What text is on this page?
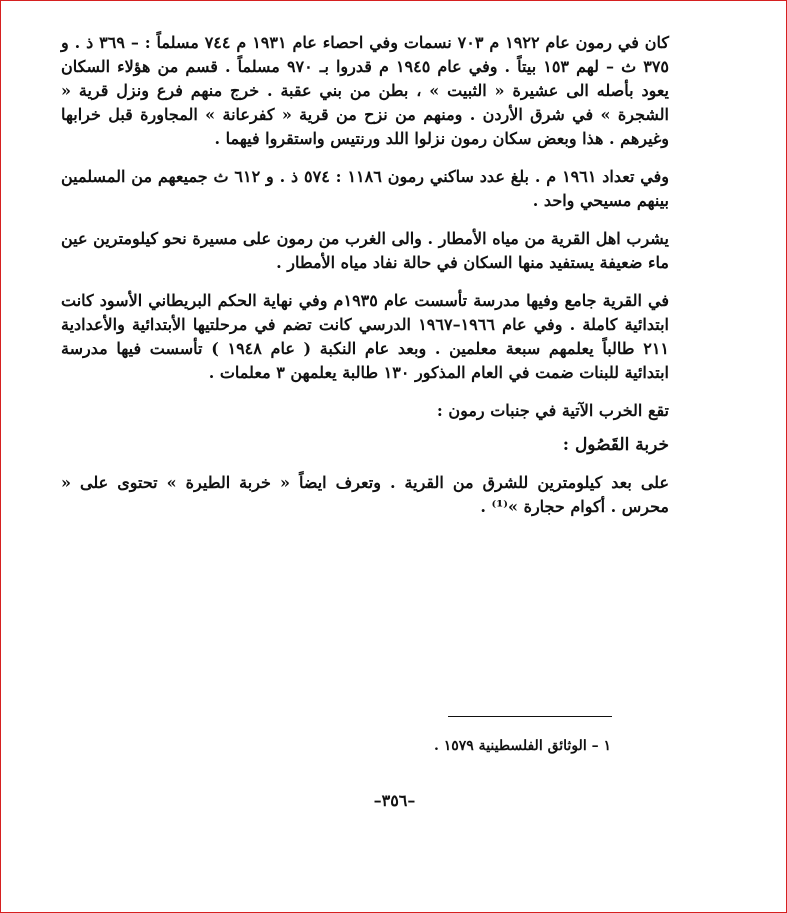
كان في رمون عام ١٩٢٢ م ٧٠٣ نسمات وفي احصاء عام ١٩٣١ م ٧٤٤ مسلماً : – ٣٦٩ ذ . و ٣٧٥ ث – لهم ١٥٣ بيتاً . وفي عام ١٩٤٥ م قدروا بـ ٩٧٠ مسلماً . قسم من هؤلاء السكان يعود بأصله الى عشيرة « الثبيت » ، بطن من بني عقبة . خرج منهم فرع ونزل قرية « الشجرة » في شرق الأردن . ومنهم من نزح من قرية « كفرعانة » المجاورة قبل خرابها وغيرهم . هذا وبعض سكان رمون نزلوا اللد ورنتيس واستقروا فيهما .

وفي تعداد ١٩٦١ م . بلغ عدد ساكني رمون ١١٨٦ : ٥٧٤ ذ . و ٦١٢ ث جميعهم من المسلمين بينهم مسيحي واحد .

يشرب اهل القرية من مياه الأمطار . والى الغرب من رمون على مسيرة نحو كيلومترين عين ماء ضعيفة يستفيد منها السكان في حالة نفاد مياه الأمطار .

في القرية جامع وفيها مدرسة تأسست عام ١٩٣٥م وفي نهاية الحكم البريطاني الأسود كانت ابتدائية كاملة . وفي عام ١٩٦٦–١٩٦٧ الدرسي كانت تضم في مرحلتيها الأبتدائية والأعدادية ٢١١ طالباً يعلمهم سبعة معلمين . وبعد عام النكبة ( عام ١٩٤٨ ) تأسست فيها مدرسة ابتدائية للبنات ضمت في العام المذكور ١٣٠ طالبة يعلمهن ٣ معلمات .

تقع الخرب الآتية في جنبات رمون :

خربة القَصُول :

على بعد كيلومترين للشرق من القرية . وتعرف ايضاً « خربة الطيرة » تحتوى على « محرس . أكوام حجارة »⁽¹⁾ .

١ – الوثائق الفلسطينية ١٥٧٩ .
–٣٥٦–
